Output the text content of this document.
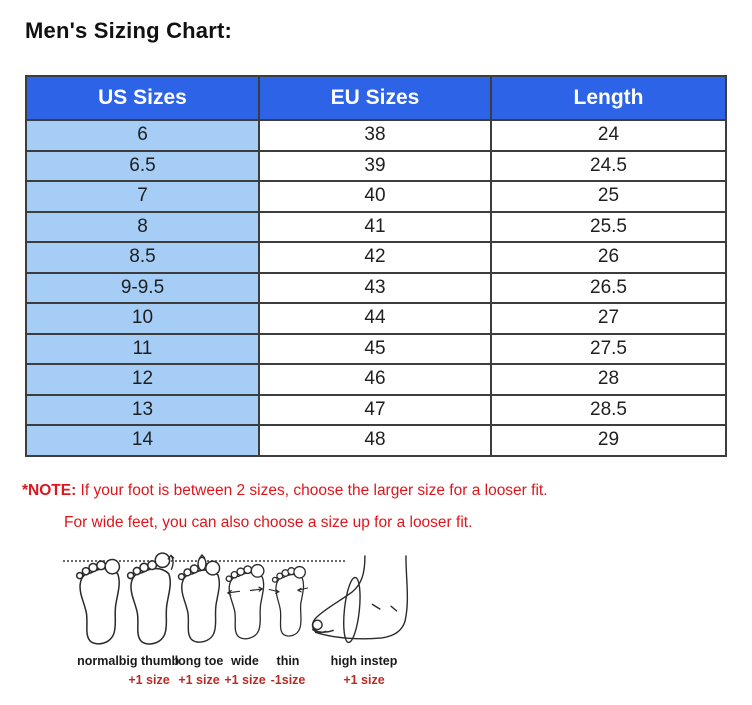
Men's Sizing Chart:
US Sizes	EU Sizes	Length
6	38	24
6.5	39	24.5
7	40	25
8	41	25.5
8.5	42	26
9-9.5	43	26.5
10	44	27
11	45	27.5
12	46	28
13	47	28.5
14	48	29

*NOTE: If your foot is between 2 sizes, choose the larger size for a looser fit.

For wide feet, you can also choose a size up for a looser fit.

normal big thumb
+1 size
long toe
+1 size
wide
+1 size
thin
-1size
high instep
+1 size
